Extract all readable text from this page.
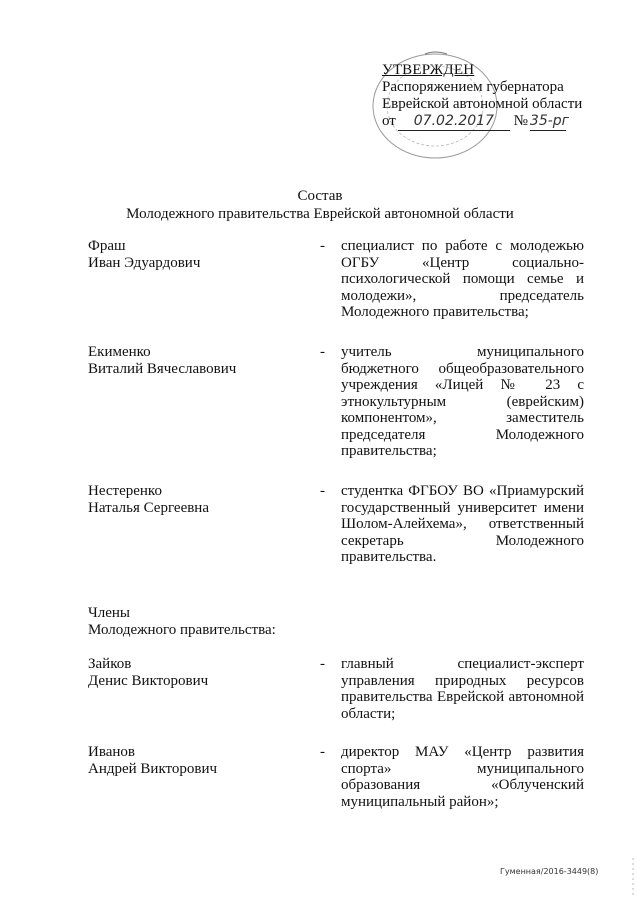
УТВЕРЖДЕН
Распоряжением губернатора
Еврейской автономной области
от 07.02.2017 № 35-рг
Состав
Молодежного правительства Еврейской автономной области
Фраш
Иван Эдуардович
-	специалист по работе с молодежью ОГБУ «Центр социально-психологической помощи семье и молодежи», председатель Молодежного правительства;
Екименко
Виталий Вячеславович
-	учитель муниципального бюджетного общеобразовательного учреждения «Лицей № 23 с этнокультурным (еврейским) компонентом», заместитель председателя Молодежного правительства;
Нестеренко
Наталья Сергеевна
-	студентка ФГБОУ ВО «Приамурский государственный университет имени Шолом-Алейхема», ответственный секретарь Молодежного правительства.
Члены
Молодежного правительства:
Зайков
Денис Викторович
-	главный специалист-эксперт управления природных ресурсов правительства Еврейской автономной области;
Иванов
Андрей Викторович
-	директор МАУ «Центр развития спорта» муниципального образования «Облученский муниципальный район»;
Гуменная/2016-3449(8)
